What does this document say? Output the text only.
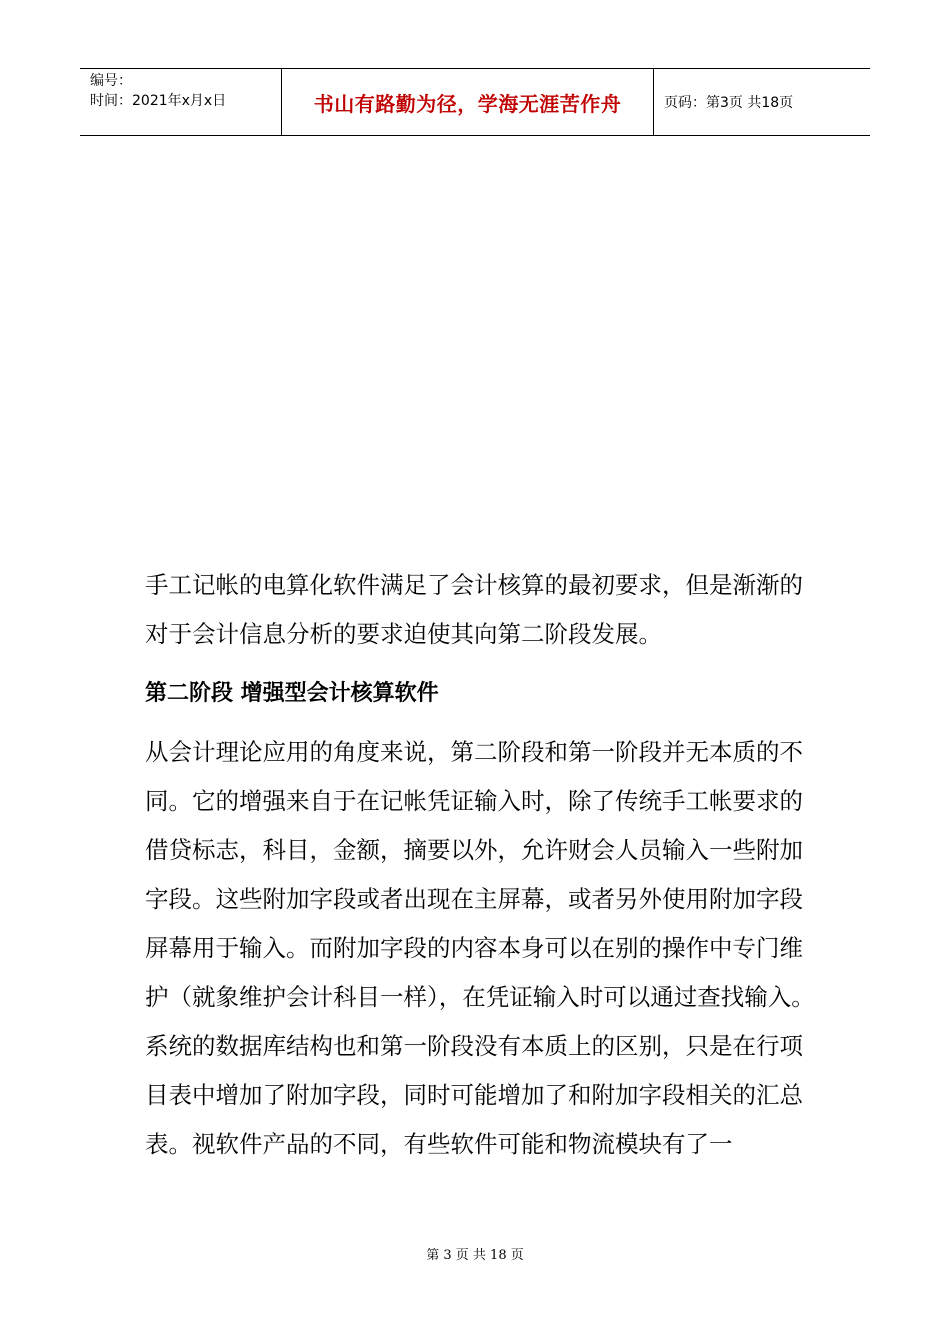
编号：
时间：2021年x月x日	书山有路勤为径，学海无涯苦作舟	页码：第3页 共18页

手工记帐的电算化软件满足了会计核算的最初要求，但是渐渐的对于会计信息分析的要求迫使其向第二阶段发展。

第二阶段 增强型会计核算软件

从会计理论应用的角度来说，第二阶段和第一阶段并无本质的不同。它的增强来自于在记帐凭证输入时，除了传统手工帐要求的借贷标志，科目，金额，摘要以外，允许财会人员输入一些附加字段。这些附加字段或者出现在主屏幕，或者另外使用附加字段屏幕用于输入。而附加字段的内容本身可以在别的操作中专门维护（就象维护会计科目一样），在凭证输入时可以通过查找输入。系统的数据库结构也和第一阶段没有本质上的区别，只是在行项目表中增加了附加字段，同时可能增加了和附加字段相关的汇总表。视软件产品的不同，有些软件可能和物流模块有了一

第 3 页 共 18 页
